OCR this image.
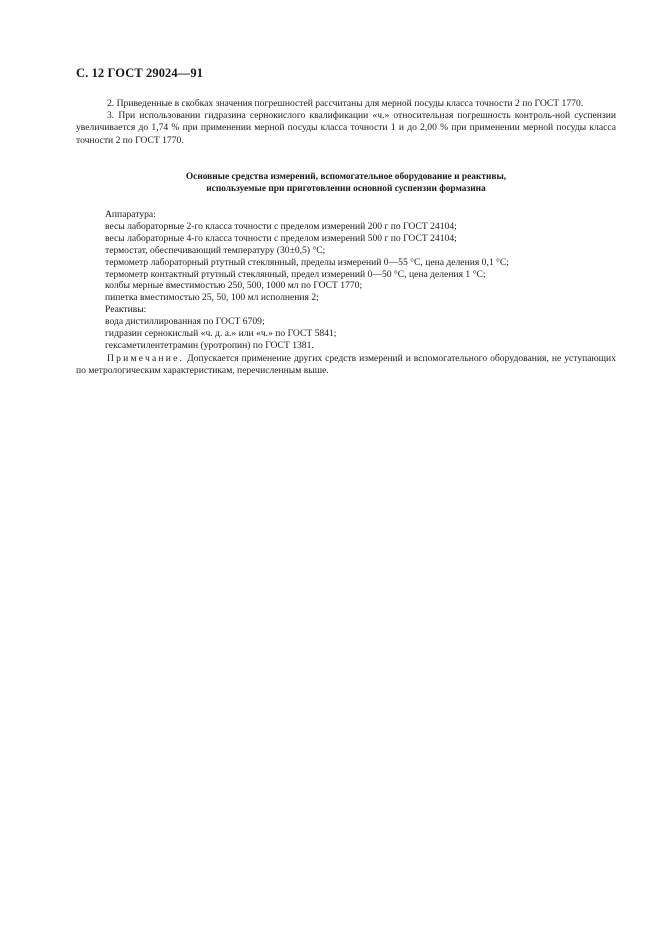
С. 12 ГОСТ 29024—91

2. Приведенные в скобках значения погрешностей рассчитаны для мерной посуды класса точности 2 по ГОСТ 1770.

3. При использовании гидразина сернокислого квалификации «ч.» относительная погрешность контроль-ной суспензии увеличивается до 1,74 % при применении мерной посуды класса точности 1 и до 2,00 % при применении мерной посуды класса точности 2 по ГОСТ 1770.

Основные средства измерений, вспомогательное оборудование и реактивы,
используемые при приготовлении основной суспензии формазина
Аппаратура:
весы лабораторные 2-го класса точности с пределом измерений 200 г по ГОСТ 24104;
весы лабораторные 4-го класса точности с пределом измерений 500 г по ГОСТ 24104;
термостат, обеспечивающий температуру (30±0,5) °С;
термометр лабораторный ртутный стеклянный, пределы измерений 0—55 °С, цена деления 0,1 °С;
термометр контактный ртутный стеклянный, предел измерений 0—50 °С, цена деления 1 °С;
колбы мерные вместимостью 250, 500, 1000 мл по ГОСТ 1770;
пипетка вместимостью 25, 50, 100 мл исполнения 2;
Реактивы:
вода дистиллированная по ГОСТ 6709;
гидразин сернокислый «ч. д. а.» или «ч.» по ГОСТ 5841;
гексаметилентетрамин (уротропин) по ГОСТ 1381.

Примечание. Допускается применение других средств измерений и вспомогательного оборудования, не уступающих по метрологическим характеристикам, перечисленным выше.
